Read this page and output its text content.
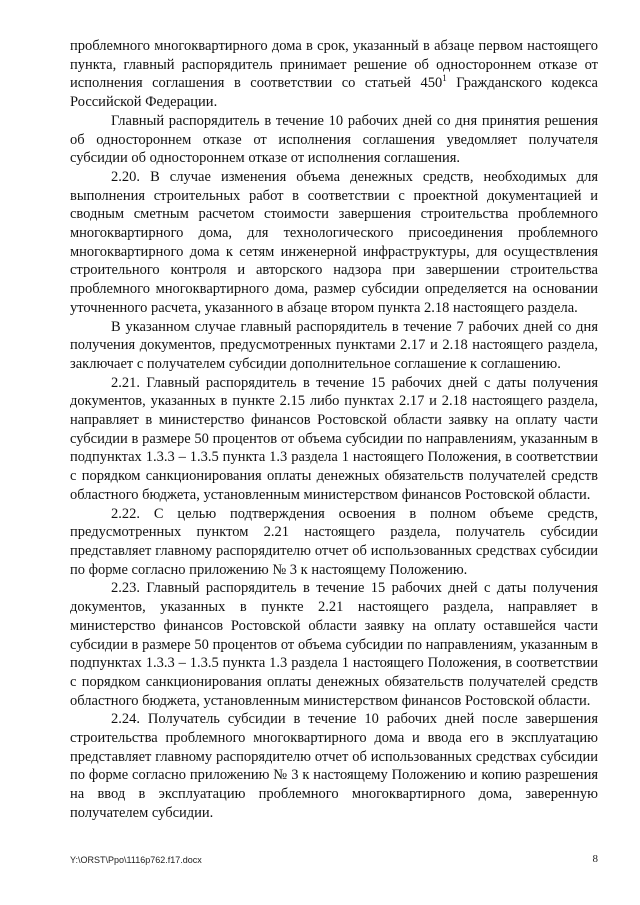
проблемного многоквартирного дома в срок, указанный в абзаце первом настоящего пункта, главный распорядитель принимает решение об одностороннем отказе от исполнения соглашения в соответствии со статьей $450^1$ Гражданского кодекса Российской Федерации.

Главный распорядитель в течение 10 рабочих дней со дня принятия решения об одностороннем отказе от исполнения соглашения уведомляет получателя субсидии об одностороннем отказе от исполнения соглашения.

2.20. В случае изменения объема денежных средств, необходимых для выполнения строительных работ в соответствии с проектной документацией и сводным сметным расчетом стоимости завершения строительства проблемного многоквартирного дома, для технологического присоединения проблемного многоквартирного дома к сетям инженерной инфраструктуры, для осуществления строительного контроля и авторского надзора при завершении строительства проблемного многоквартирного дома, размер субсидии определяется на основании уточненного расчета, указанного в абзаце втором пункта 2.18 настоящего раздела.

В указанном случае главный распорядитель в течение 7 рабочих дней со дня получения документов, предусмотренных пунктами 2.17 и 2.18 настоящего раздела, заключает с получателем субсидии дополнительное соглашение к соглашению.

2.21. Главный распорядитель в течение 15 рабочих дней с даты получения документов, указанных в пункте 2.15 либо пунктах 2.17 и 2.18 настоящего раздела, направляет в министерство финансов Ростовской области заявку на оплату части субсидии в размере 50 процентов от объема субсидии по направлениям, указанным в подпунктах 1.3.3 – 1.3.5 пункта 1.3 раздела 1 настоящего Положения, в соответствии с порядком санкционирования оплаты денежных обязательств получателей средств областного бюджета, установленным министерством финансов Ростовской области.

2.22. С целью подтверждения освоения в полном объеме средств, предусмотренных пунктом 2.21 настоящего раздела, получатель субсидии представляет главному распорядителю отчет об использованных средствах субсидии по форме согласно приложению № 3 к настоящему Положению.

2.23. Главный распорядитель в течение 15 рабочих дней с даты получения документов, указанных в пункте 2.21 настоящего раздела, направляет в министерство финансов Ростовской области заявку на оплату оставшейся части субсидии в размере 50 процентов от объема субсидии по направлениям, указанным в подпунктах 1.3.3 – 1.3.5 пункта 1.3 раздела 1 настоящего Положения, в соответствии с порядком санкционирования оплаты денежных обязательств получателей средств областного бюджета, установленным министерством финансов Ростовской области.

2.24. Получатель субсидии в течение 10 рабочих дней после завершения строительства проблемного многоквартирного дома и ввода его в эксплуатацию представляет главному распорядителю отчет об использованных средствах субсидии по форме согласно приложению № 3 к настоящему Положению и копию разрешения на ввод в эксплуатацию проблемного многоквартирного дома, заверенную получателем субсидии.

Y:\ORST\Ppo\1116p762.f17.docx	8
